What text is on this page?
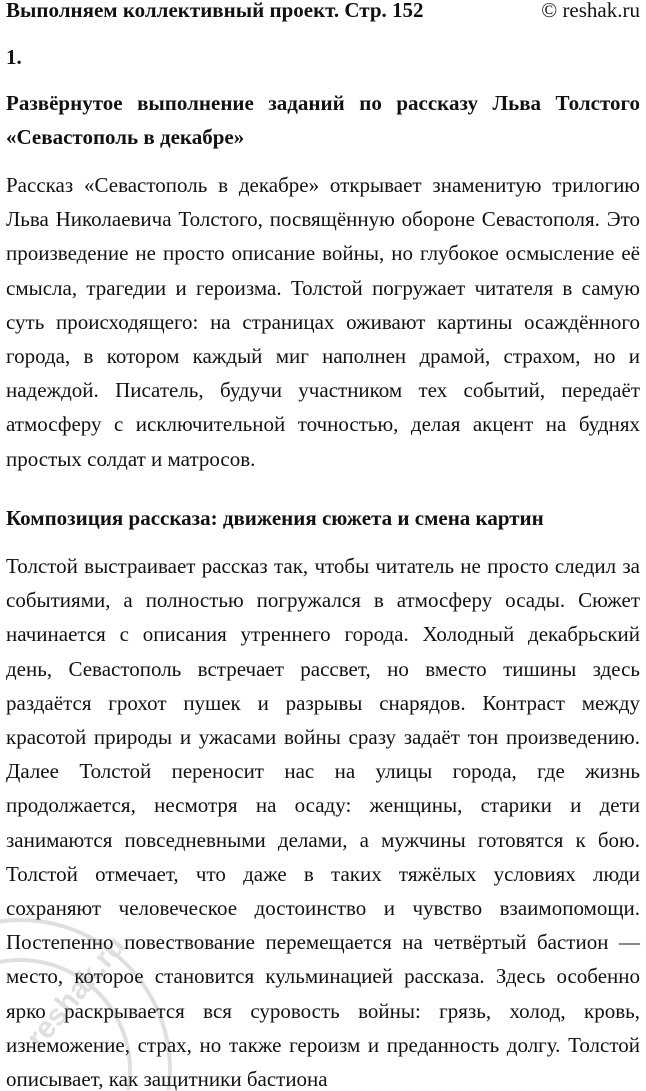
Выполняем коллективный проект. Стр. 152	© reshak.ru
1.
Развёрнутое выполнение заданий по рассказу Льва Толстого «Севастополь в декабре»

Рассказ «Севастополь в декабре» открывает знаменитую трилогию Льва Николаевича Толстого, посвящённую обороне Севастополя. Это произведение не просто описание войны, но глубокое осмысление её смысла, трагедии и героизма. Толстой погружает читателя в самую суть происходящего: на страницах оживают картины осаждённого города, в котором каждый миг наполнен драмой, страхом, но и надеждой. Писатель, будучи участником тех событий, передаёт атмосферу с исключительной точностью, делая акцент на буднях простых солдат и матросов.

Композиция рассказа: движения сюжета и смена картин

Толстой выстраивает рассказ так, чтобы читатель не просто следил за событиями, а полностью погружался в атмосферу осады. Сюжет начинается с описания утреннего города. Холодный декабрьский день, Севастополь встречает рассвет, но вместо тишины здесь раздаётся грохот пушек и разрывы снарядов. Контраст между красотой природы и ужасами войны сразу задаёт тон произведению. Далее Толстой переносит нас на улицы города, где жизнь продолжается, несмотря на осаду: женщины, старики и дети занимаются повседневными делами, а мужчины готовятся к бою. Толстой отмечает, что даже в таких тяжёлых условиях люди сохраняют человеческое достоинство и чувство взаимопомощи. Постепенно повествование перемещается на четвёртый бастион — место, которое становится кульминацией рассказа. Здесь особенно ярко раскрывается вся суровость войны: грязь, холод, кровь, изнеможение, страх, но также героизм и преданность долгу. Толстой описывает, как защитники бастиона

reshak.ru
